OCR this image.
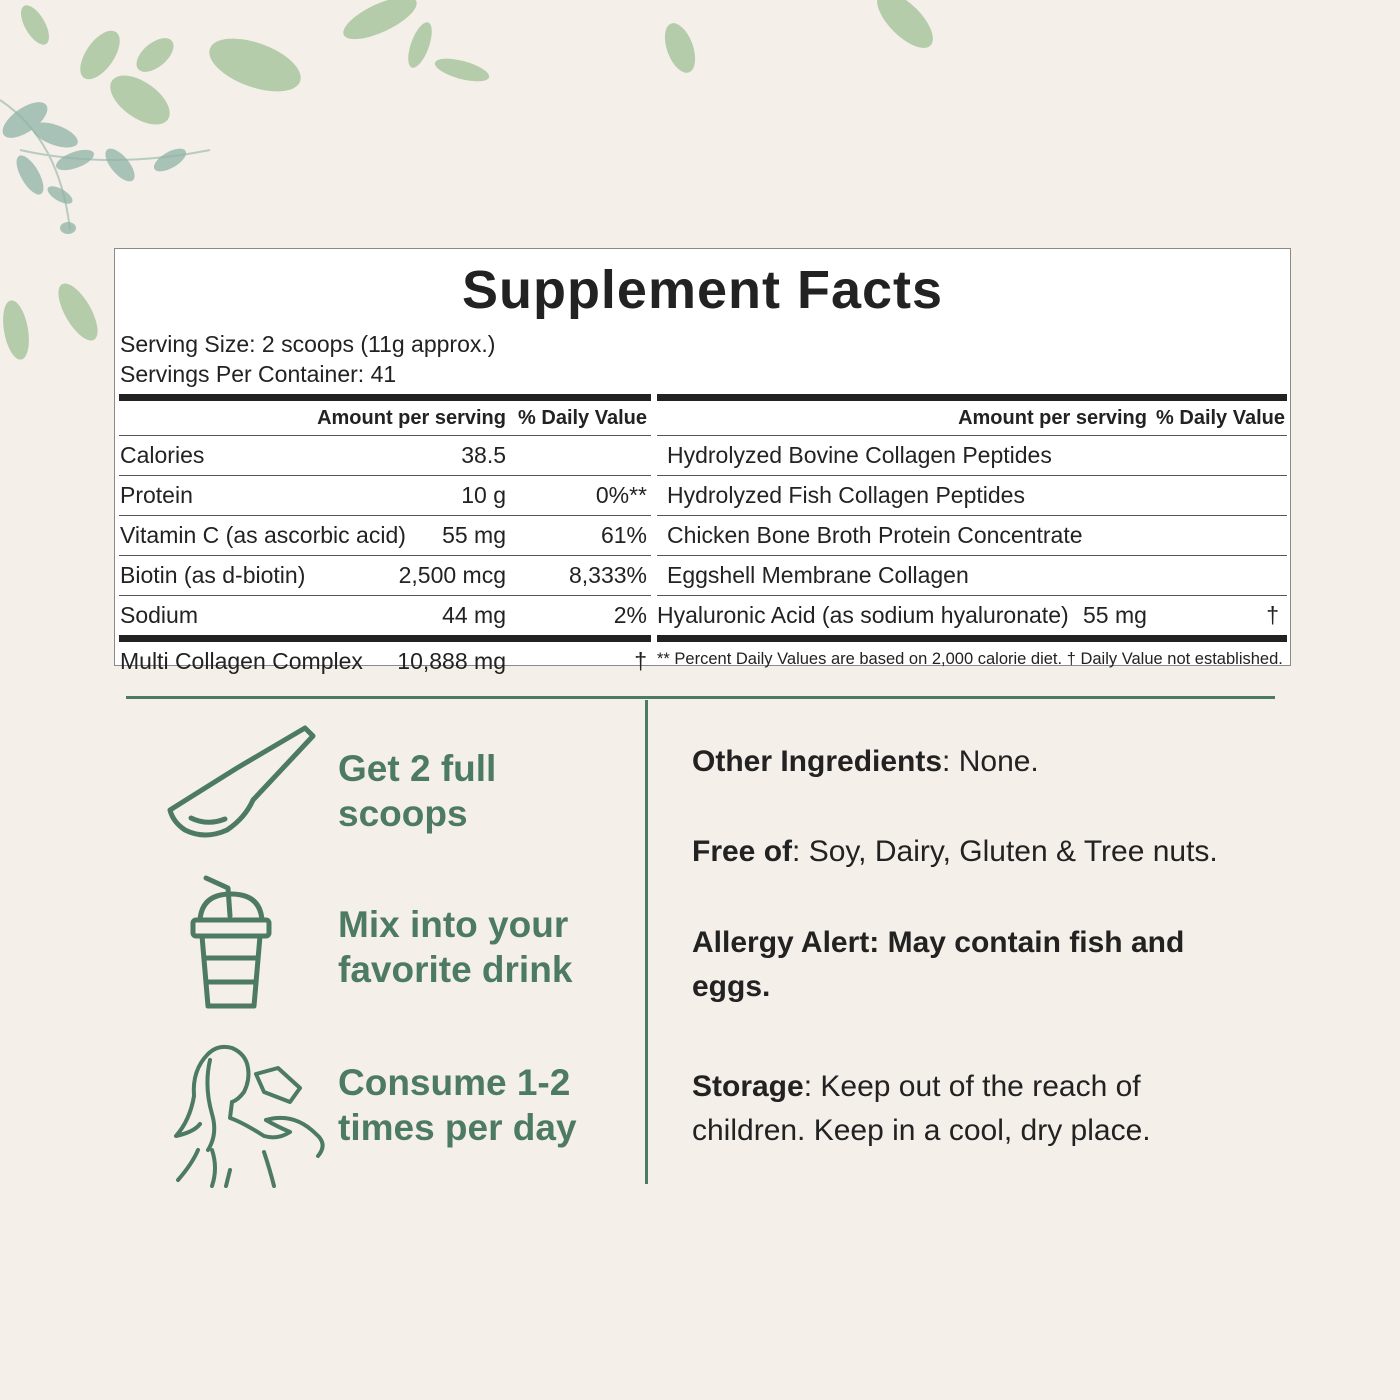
Supplement Facts
Serving Size: 2 scoops (11g approx.)
Servings Per Container: 41
Amount per serving % Daily Value
Calories	38.5
Protein	10 g	0%**
Vitamin C (as ascorbic acid) 55 mg	61%
Biotin (as d-biotin)	2,500 mcg	8,333%
Sodium	44 mg	2%
Multi Collagen Complex 10,888 mg	†
Amount per serving % Daily Value
Hydrolyzed Bovine Collagen Peptides
Hydrolyzed Fish Collagen Peptides
Chicken Bone Broth Protein Concentrate
Eggshell Membrane Collagen
Hyaluronic Acid (as sodium hyaluronate) 55 mg	†
** Percent Daily Values are based on 2,000 calorie diet. † Daily Value not established.
Get 2 full
scoops
Mix into your
favorite drink
Consume 1-2
times per day
Other Ingredients: None.
Free of: Soy, Dairy, Gluten & Tree nuts.
Allergy Alert: May contain fish and eggs.
Storage: Keep out of the reach of children. Keep in a cool, dry place.
